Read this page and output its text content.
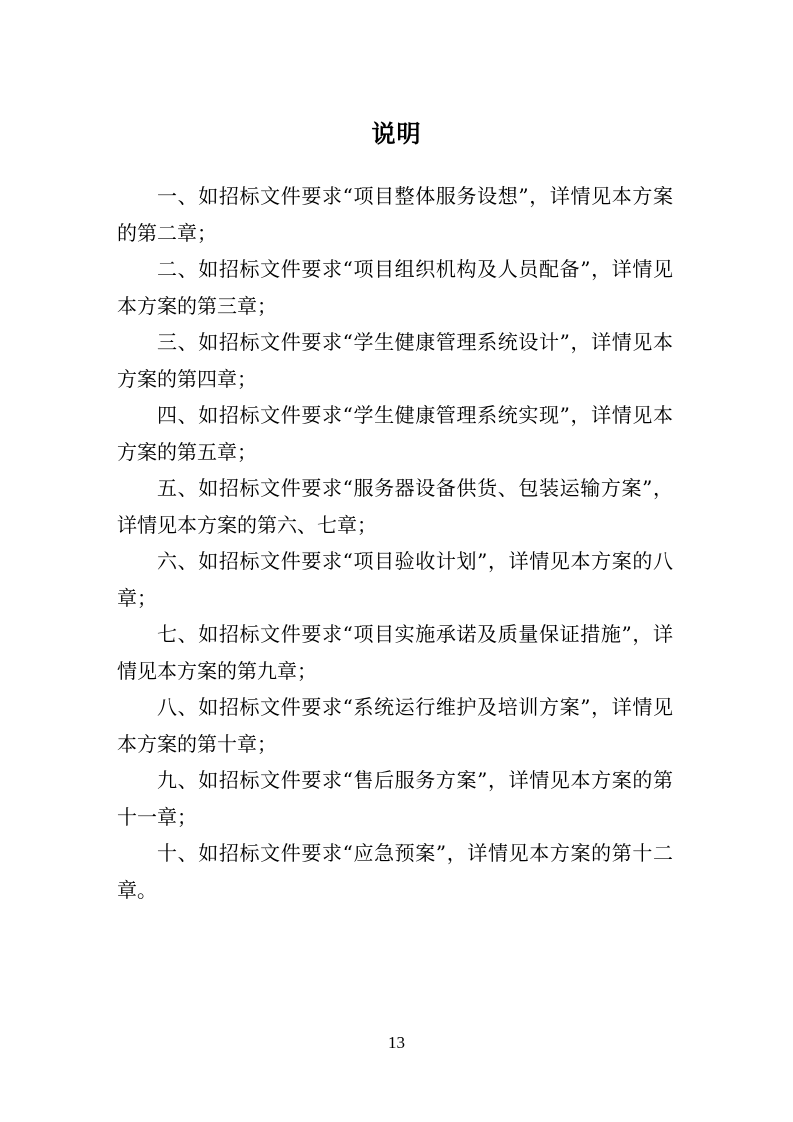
说明

一、如招标文件要求“项目整体服务设想”，详情见本方案的第二章；

二、如招标文件要求“项目组织机构及人员配备”，详情见本方案的第三章；

三、如招标文件要求“学生健康管理系统设计”，详情见本方案的第四章；

四、如招标文件要求“学生健康管理系统实现”，详情见本方案的第五章；

五、如招标文件要求“服务器设备供货、包装运输方案”，详情见本方案的第六、七章；

六、如招标文件要求“项目验收计划”，详情见本方案的八章；

七、如招标文件要求“项目实施承诺及质量保证措施”，详情见本方案的第九章；

八、如招标文件要求“系统运行维护及培训方案”，详情见本方案的第十章；

九、如招标文件要求“售后服务方案”，详情见本方案的第十一章；

十、如招标文件要求“应急预案”，详情见本方案的第十二章。

13
